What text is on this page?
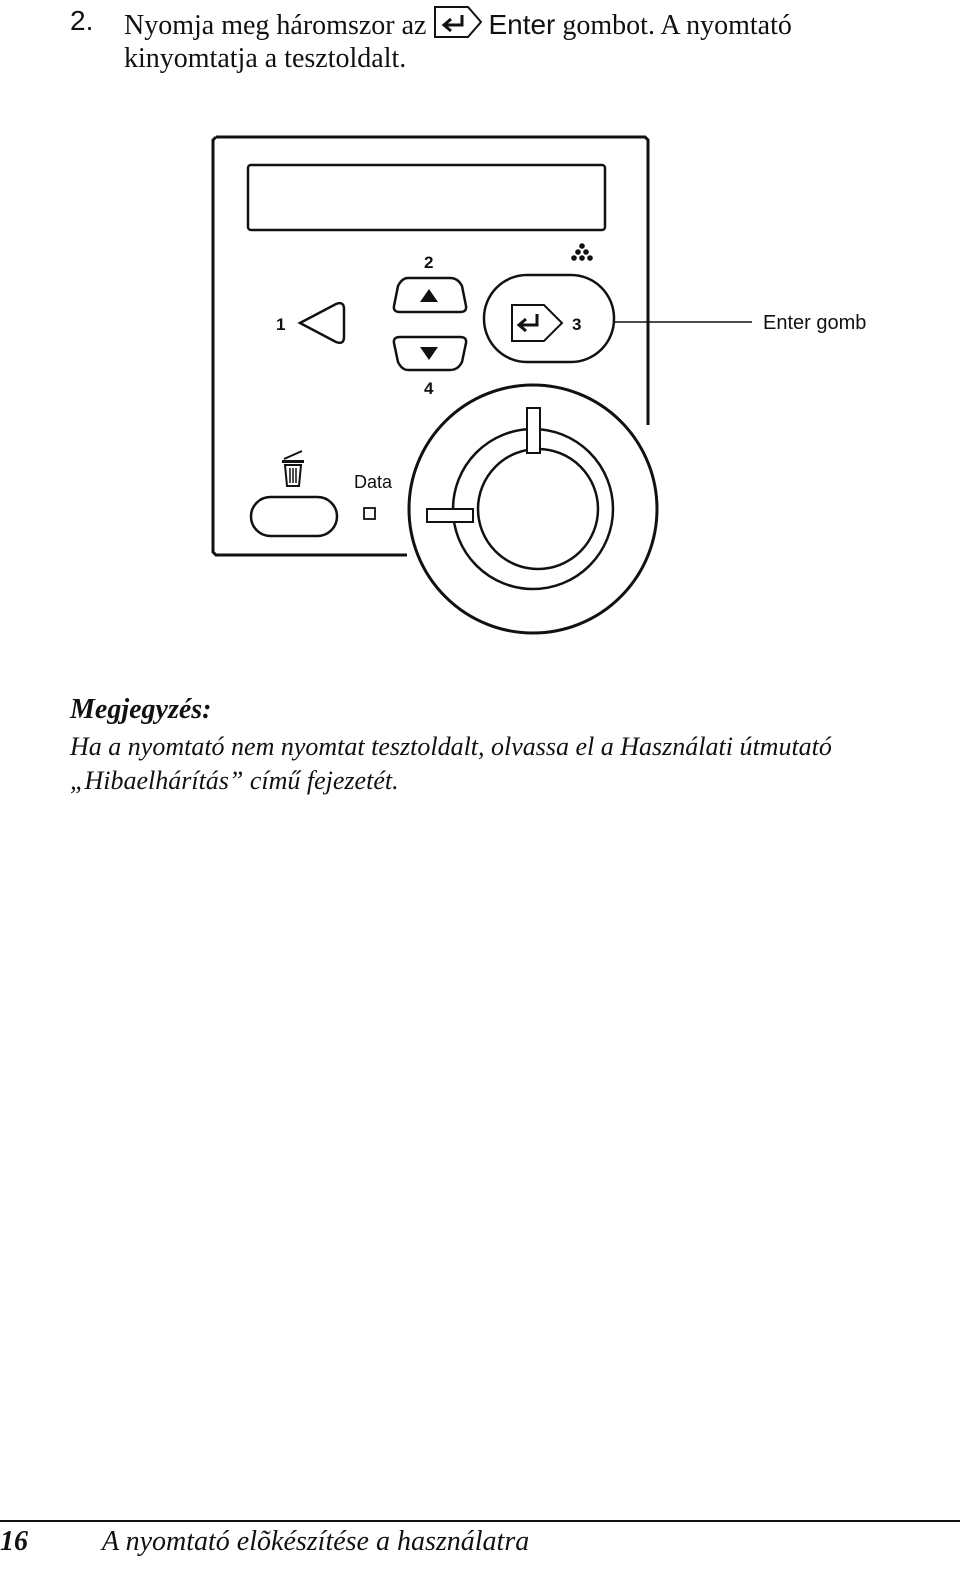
2. Nyomja meg háromszor az Enter gombot. A nyomtató
kinyomtatja a tesztoldalt.
1
2
4
3	Enter gomb
Data
Megjegyzés:
Ha a nyomtató nem nyomtat tesztoldalt, olvassa el a Használati útmutató „Hibaelhárítás” című fejezetét.
16	A nyomtató elõkészítése a használatra
